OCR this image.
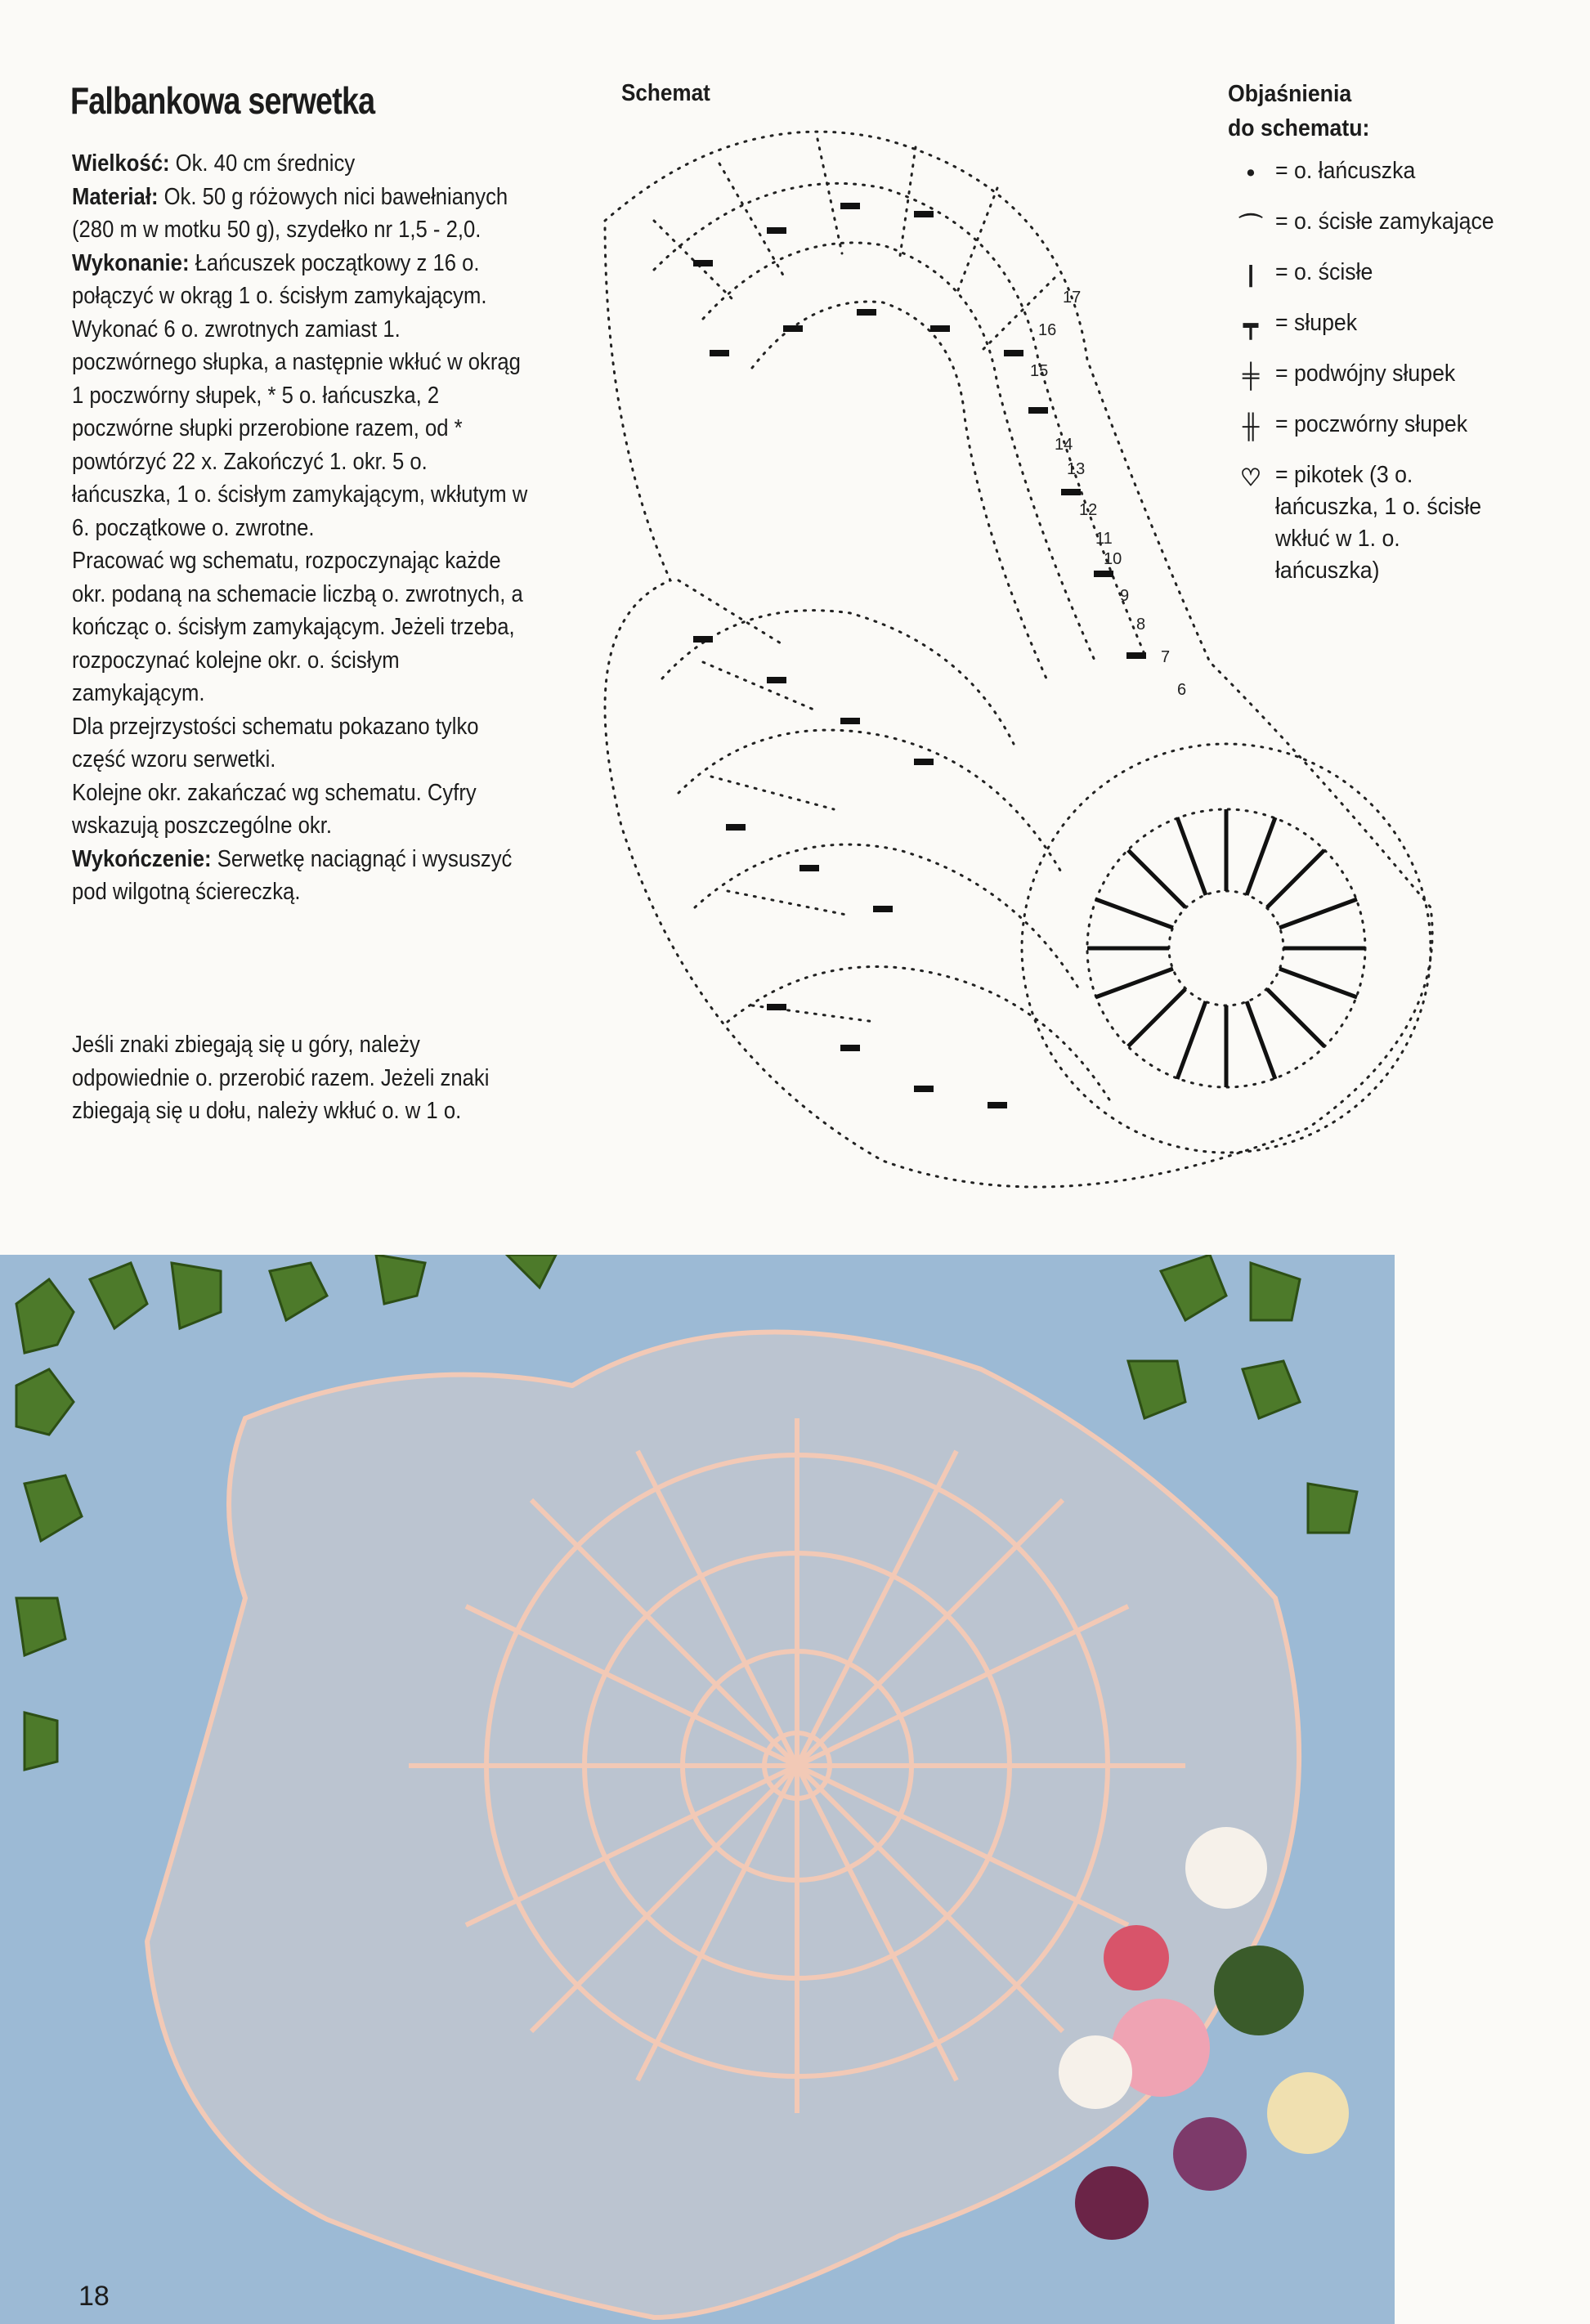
Falbankowa serwetka

Wielkość: Ok. 40 cm średnicy

Materiał: Ok. 50 g różowych nici bawełnianych (280 m w motku 50 g), szydełko nr 1,5 - 2,0.

Wykonanie: Łańcuszek początkowy z 16 o. połączyć w okrąg 1 o. ścisłym zamykającym. Wykonać 6 o. zwrotnych zamiast 1. poczwórnego słupka, a następnie wkłuć w okrąg 1 poczwórny słupek, * 5 o. łańcuszka, 2 poczwórne słupki przerobione razem, od * powtórzyć 22 x. Zakończyć 1. okr. 5 o. łańcuszka, 1 o. ścisłym zamykającym, wkłutym w 6. początkowe o. zwrotne.

Pracować wg schematu, rozpoczynając każde okr. podaną na schemacie liczbą o. zwrotnych, a kończąc o. ścisłym zamykającym. Jeżeli trzeba, rozpoczynać kolejne okr. o. ścisłym zamykającym.

Dla przejrzystości schematu pokazano tylko część wzoru serwetki.

Kolejne okr. zakańczać wg schematu. Cyfry wskazują poszczególne okr.

Wykończenie: Serwetkę naciągnąć i wysuszyć pod wilgotną ściereczką.

Jeśli znaki zbiegają się u góry, należy odpowiednie o. przerobić razem. Jeżeli znaki zbiegają się u dołu, należy wkłuć o. w 1 o.
Schemat	Objaśnienia
do schematu:
• = o. łańcuszka
⌒ = o. ścisłe zamykające
| = o. ścisłe
┯ = słupek
╪ = podwójny słupek
╫ = poczwórny słupek
♡ = pikotek (3 o. łańcuszka, 1 o. ścisłe wkłuć w 1. o. łańcuszka)
17
16
15
14
13
12
11
10
9
8
7
6
18
